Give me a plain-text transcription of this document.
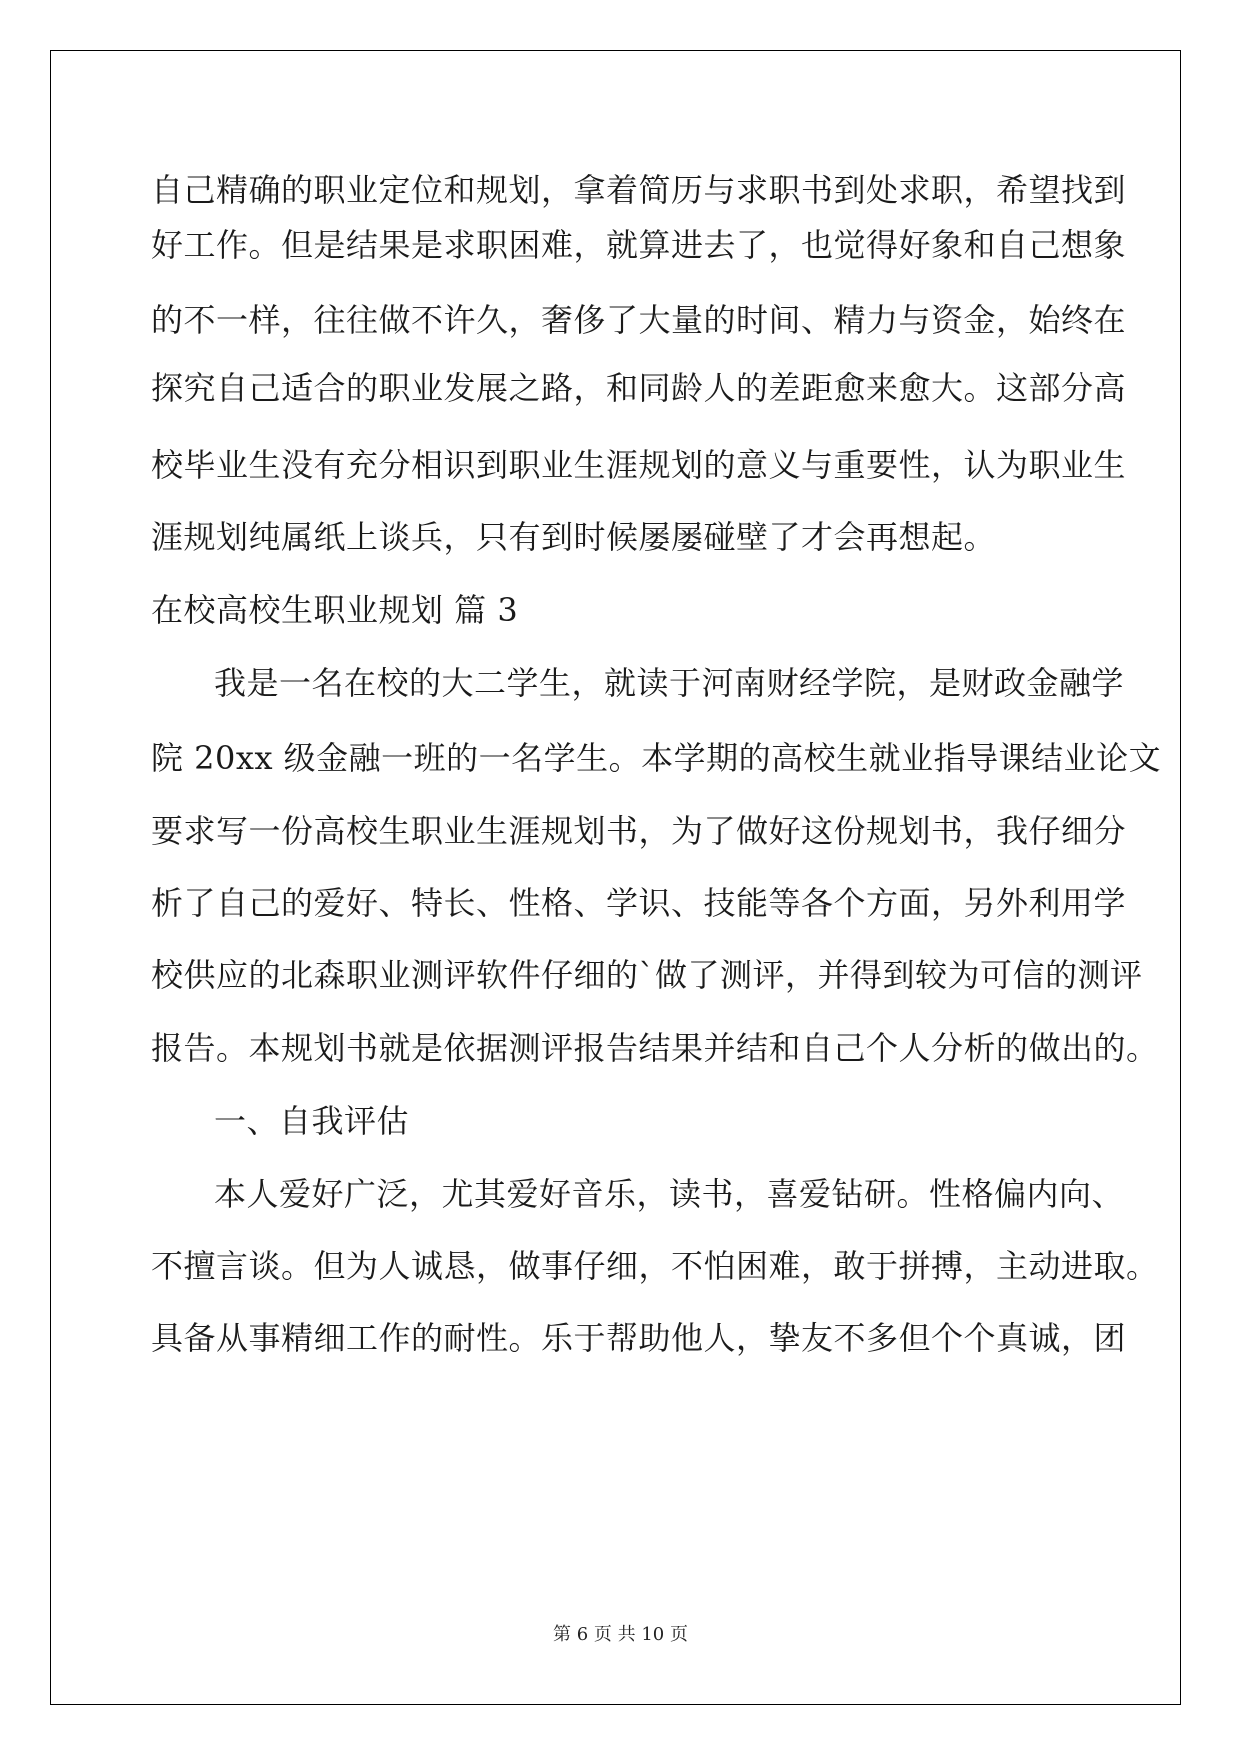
自己精确的职业定位和规划，拿着简历与求职书到处求职，希望找到
好工作。但是结果是求职困难，就算进去了，也觉得好象和自己想象
的不一样，往往做不许久，奢侈了大量的时间、精力与资金，始终在
探究自己适合的职业发展之路，和同龄人的差距愈来愈大。这部分高
校毕业生没有充分相识到职业生涯规划的意义与重要性，认为职业生
涯规划纯属纸上谈兵，只有到时候屡屡碰壁了才会再想起。
在校高校生职业规划 篇 3
我是一名在校的大二学生，就读于河南财经学院，是财政金融学
院 20xx 级金融一班的一名学生。本学期的高校生就业指导课结业论文
要求写一份高校生职业生涯规划书，为了做好这份规划书，我仔细分
析了自己的爱好、特长、性格、学识、技能等各个方面，另外利用学
校供应的北森职业测评软件仔细的`做了测评，并得到较为可信的测评
报告。本规划书就是依据测评报告结果并结和自己个人分析的做出的。
一、自我评估
本人爱好广泛，尤其爱好音乐，读书，喜爱钻研。性格偏内向、
不擅言谈。但为人诚恳，做事仔细，不怕困难，敢于拼搏，主动进取。
具备从事精细工作的耐性。乐于帮助他人，挚友不多但个个真诚，团
第 6 页 共 10 页
